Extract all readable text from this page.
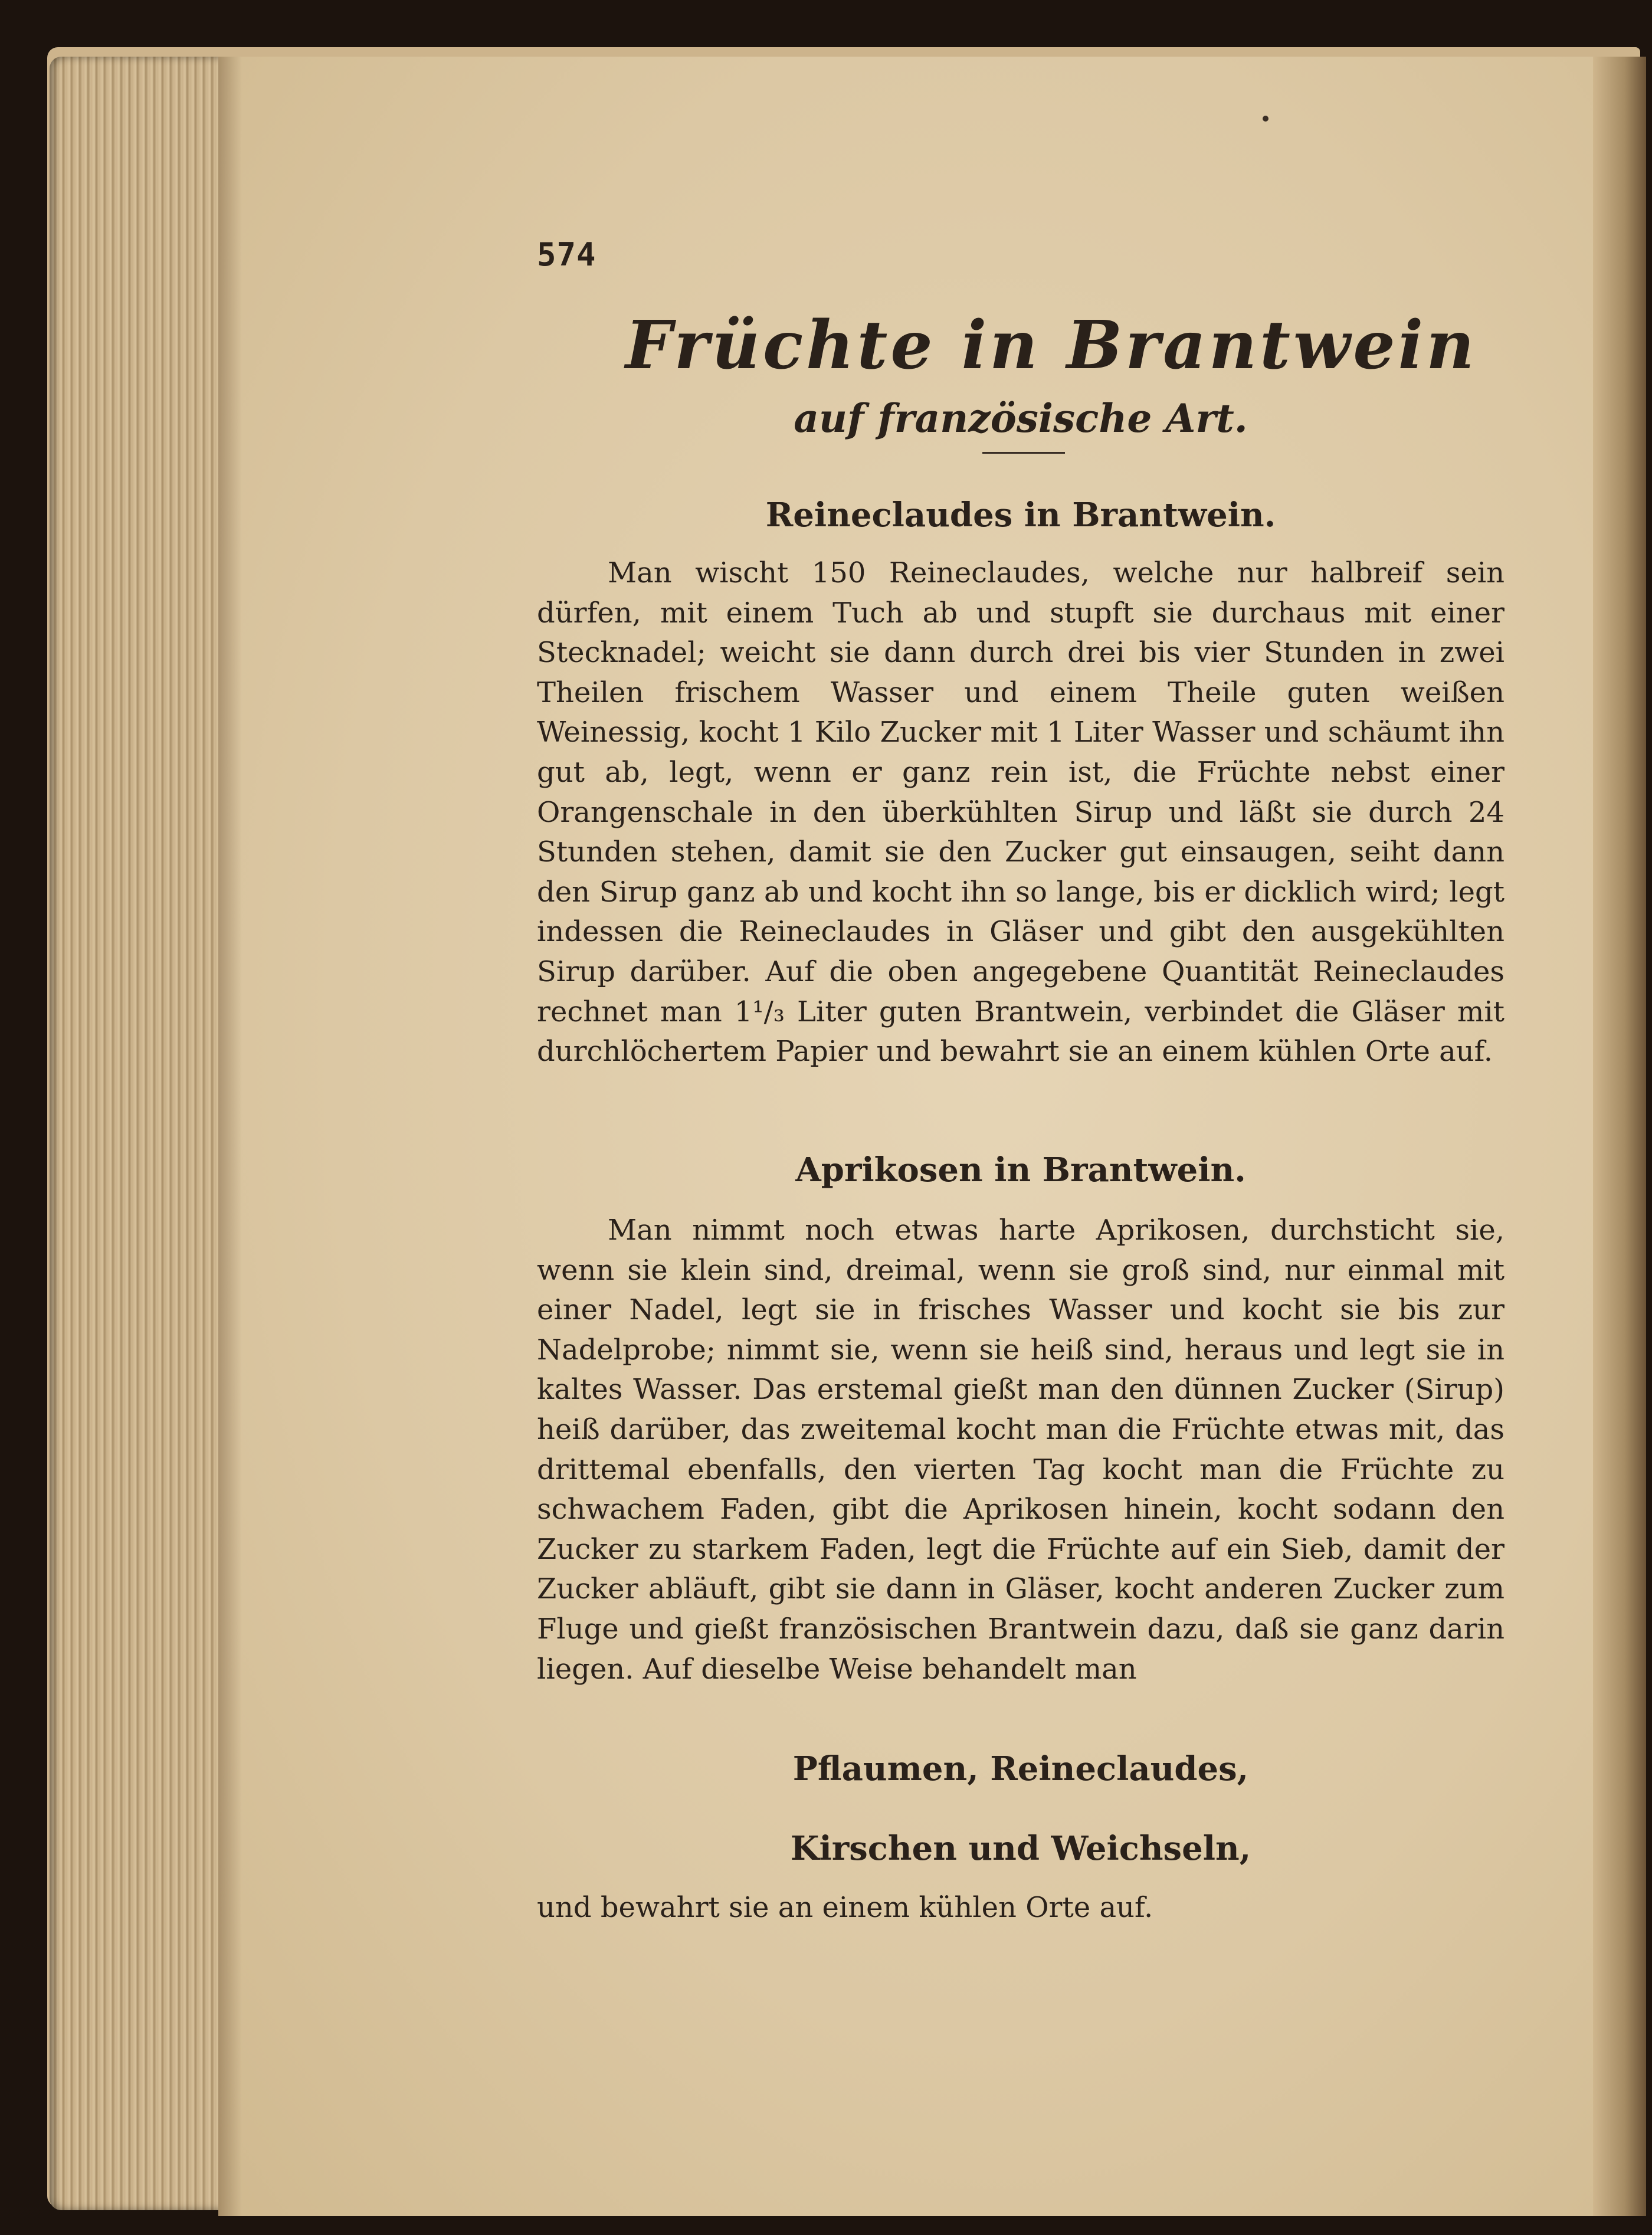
574
Früchte in Brantwein
auf französische Art.
Reineclaudes in Brantwein.

Man wischt 150 Reineclaudes, welche nur halbreif sein dürfen, mit einem Tuch ab und stupft sie durchaus mit einer Stecknadel; weicht sie dann durch drei bis vier Stunden in zwei Theilen frischem Wasser und einem Theile guten weißen Weinessig, kocht 1 Kilo Zucker mit 1 Liter Wasser und schäumt ihn gut ab, legt, wenn er ganz rein ist, die Früchte nebst einer Orangenschale in den überkühlten Sirup und läßt sie durch 24 Stunden stehen, damit sie den Zucker gut einsaugen, seiht dann den Sirup ganz ab und kocht ihn so lange, bis er dicklich wird; legt indessen die Reineclaudes in Gläser und gibt den ausgekühlten Sirup darüber. Auf die oben angegebene Quantität Reineclaudes rechnet man 1¹/₃ Liter guten Brantwein, verbindet die Gläser mit durchlöchertem Papier und bewahrt sie an einem kühlen Orte auf.

Aprikosen in Brantwein.

Man nimmt noch etwas harte Aprikosen, durchsticht sie, wenn sie klein sind, dreimal, wenn sie groß sind, nur einmal mit einer Nadel, legt sie in frisches Wasser und kocht sie bis zur Nadelprobe; nimmt sie, wenn sie heiß sind, heraus und legt sie in kaltes Wasser. Das erstemal gießt man den dünnen Zucker (Sirup) heiß darüber, das zweitemal kocht man die Früchte etwas mit, das drittemal ebenfalls, den vierten Tag kocht man die Früchte zu schwachem Faden, gibt die Aprikosen hinein, kocht sodann den Zucker zu starkem Faden, legt die Früchte auf ein Sieb, damit der Zucker abläuft, gibt sie dann in Gläser, kocht anderen Zucker zum Fluge und gießt französischen Brantwein dazu, daß sie ganz darin liegen. Auf dieselbe Weise behandelt man

Pflaumen, Reineclaudes,
Kirschen und Weichseln,

und bewahrt sie an einem kühlen Orte auf.
